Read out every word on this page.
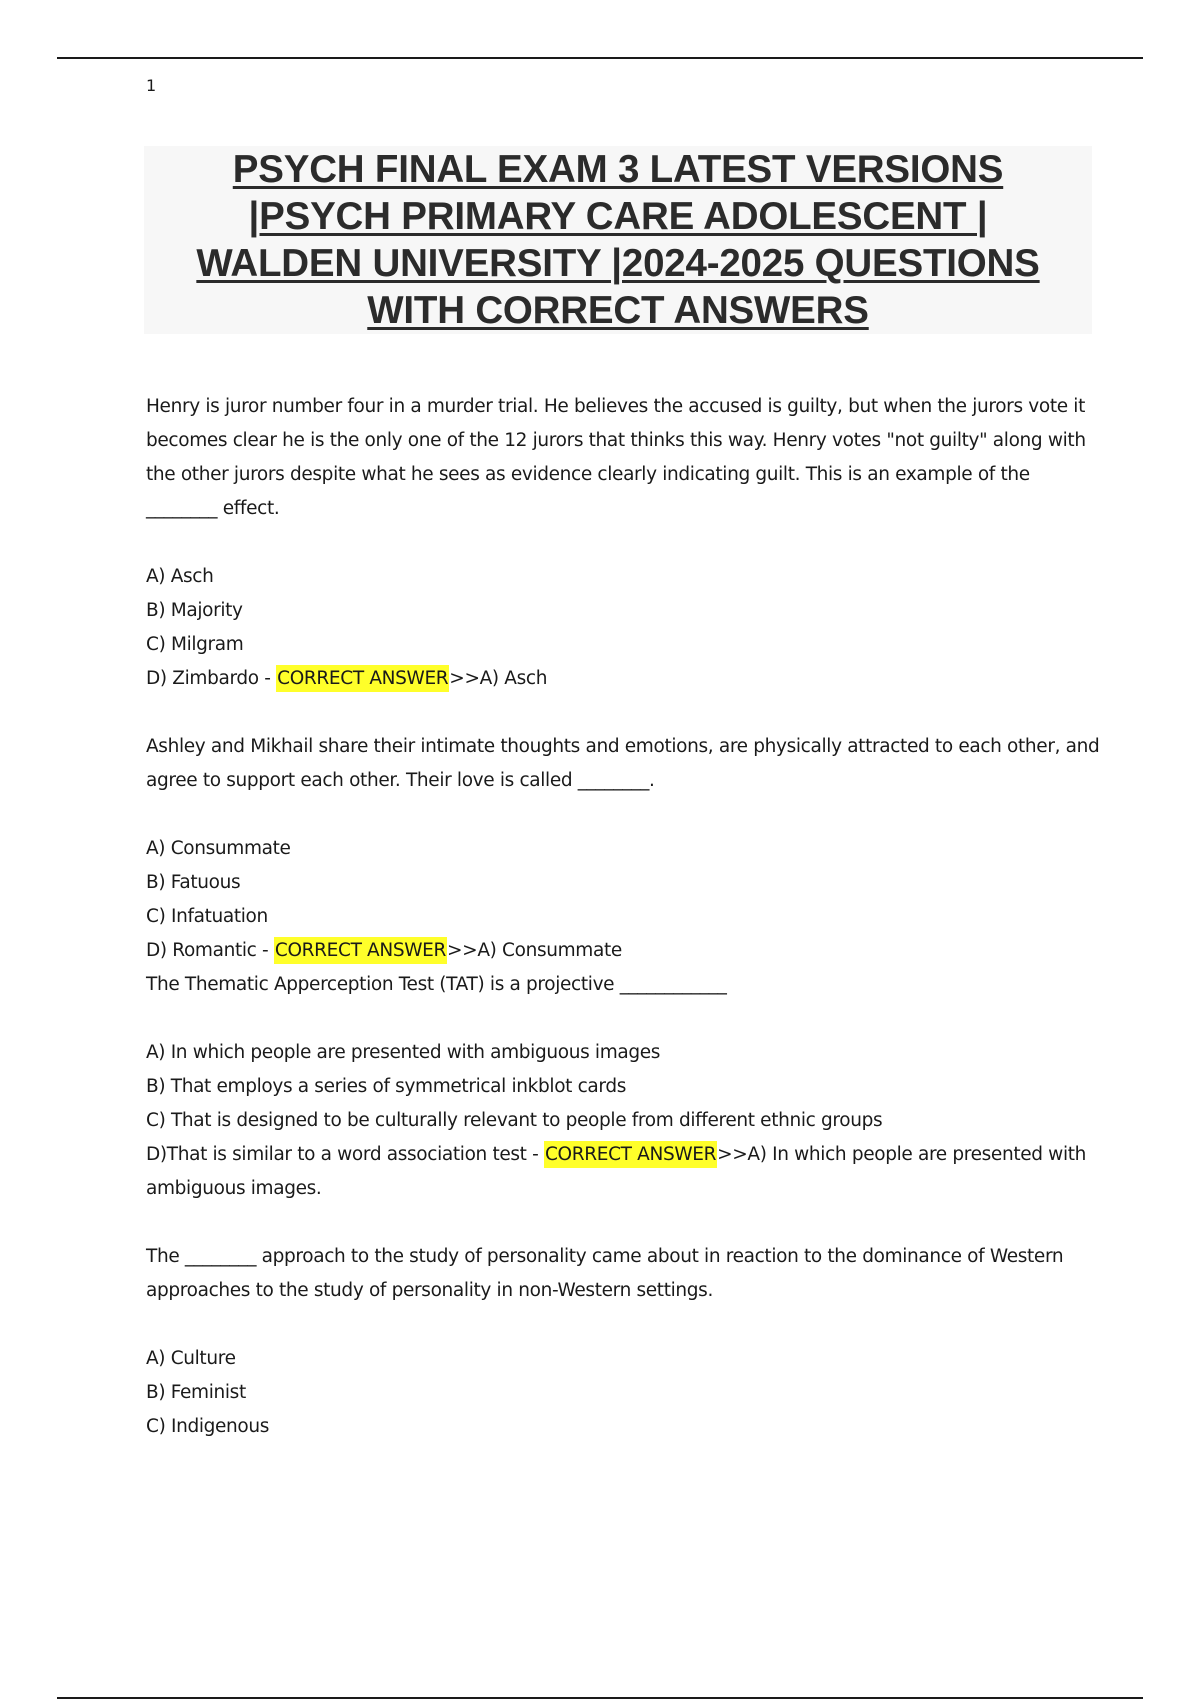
1
PSYCH FINAL EXAM 3 LATEST VERSIONS
|PSYCH PRIMARY CARE ADOLESCENT |
WALDEN UNIVERSITY |2024-2025 QUESTIONS
WITH CORRECT ANSWERS

Henry is juror number four in a murder trial. He believes the accused is guilty, but when the jurors vote it becomes clear he is the only one of the 12 jurors that thinks this way. Henry votes "not guilty" along with the other jurors despite what he sees as evidence clearly indicating guilt. This is an example of the ________ effect.

A) Asch

B) Majority

C) Milgram

D) Zimbardo - CORRECT ANSWER>>A) Asch

Ashley and Mikhail share their intimate thoughts and emotions, are physically attracted to each other, and agree to support each other. Their love is called ________.

A) Consummate

B) Fatuous

C) Infatuation

D) Romantic - CORRECT ANSWER>>A) Consummate

The Thematic Apperception Test (TAT) is a projective ____________

A) In which people are presented with ambiguous images

B) That employs a series of symmetrical inkblot cards

C) That is designed to be culturally relevant to people from different ethnic groups

D)That is similar to a word association test - CORRECT ANSWER>>A) In which people are presented with ambiguous images.

The ________ approach to the study of personality came about in reaction to the dominance of Western approaches to the study of personality in non-Western settings.

A) Culture

B) Feminist

C) Indigenous
